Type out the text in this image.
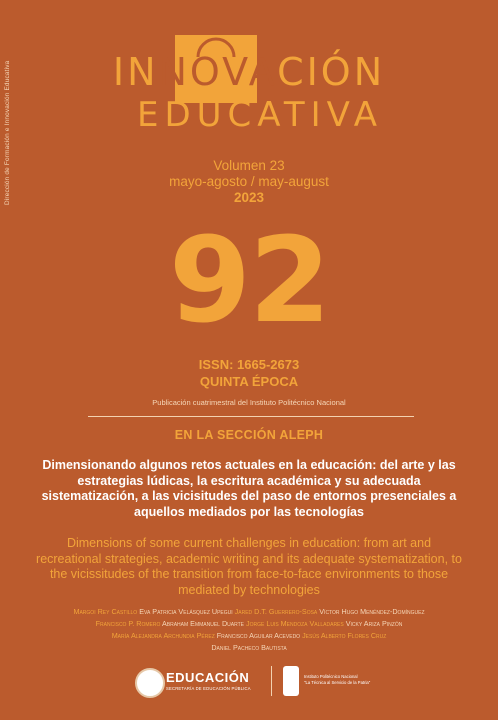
Dirección de Formación e Innovación Educativa	INNOVACIÓN
EDUCATIVA
Volumen 23
mayo-agosto / may-august
2023
92
ISSN: 1665-2673
QUINTA ÉPOCA
Publicación cuatrimestral del Instituto Politécnico Nacional
EN LA SECCIÓN ALEPH
Dimensionando algunos retos actuales en la educación: del arte y las estrategias lúdicas, la escritura académica y su adecuada sistematización, a las vicisitudes del paso de entornos presenciales a aquellos mediados por las tecnologías
Dimensions of some current challenges in education: from art and recreational strategies, academic writing and its adequate systematization, to the vicissitudes of the transition from face-to-face environments to those mediated by technologies
Margoi Rey Castillo Eva Patricia Velásquez Upegui Jared D.T. Guerrero-Sosa Víctor Hugo Menéndez-Domínguez
Francisco P. Romero Abraham Emmanuel Duarte Jorge Luis Mendoza Valladares Vicky Ariza Pinzón
María Alejandra Archundia Pérez Francisco Aguilar Acevedo Jesús Alberto Flores Cruz
Daniel Pacheco Bautista
EDUCACIÓN
SECRETARÍA DE EDUCACIÓN PÚBLICA
Instituto Politécnico Nacional
"La Técnica al Servicio de la Patria"
